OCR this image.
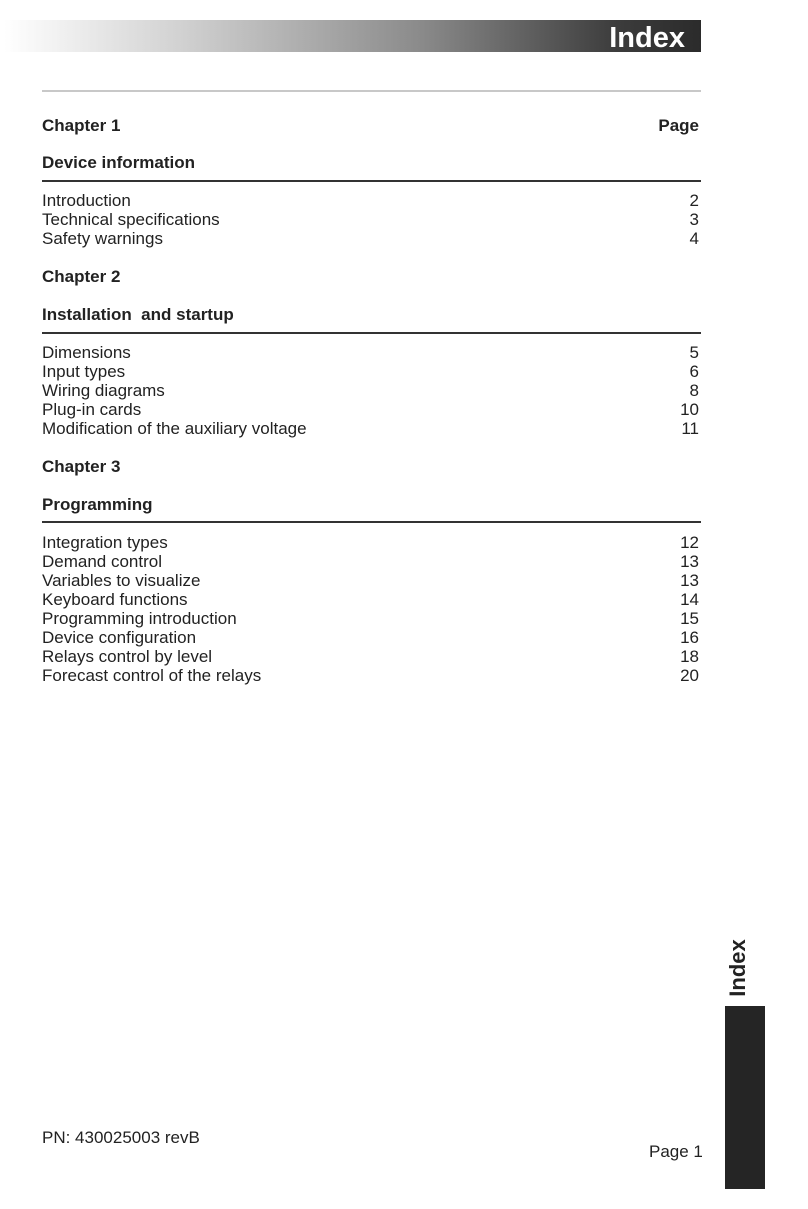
Index
Chapter 1	Page
Device information
Introduction	2
Technical specifications	3
Safety warnings	4
Chapter 2
Installation  and startup
Dimensions	5
Input types	6
Wiring diagrams	8
Plug-in cards	10
Modification of the auxiliary voltage	11
Chapter 3
Programming
Integration types	12
Demand control	13
Variables to visualize	13
Keyboard functions	14
Programming introduction	15
Device configuration	16
Relays control by level	18
Forecast control of the relays	20
Index
PN: 430025003 revB
Page 1
